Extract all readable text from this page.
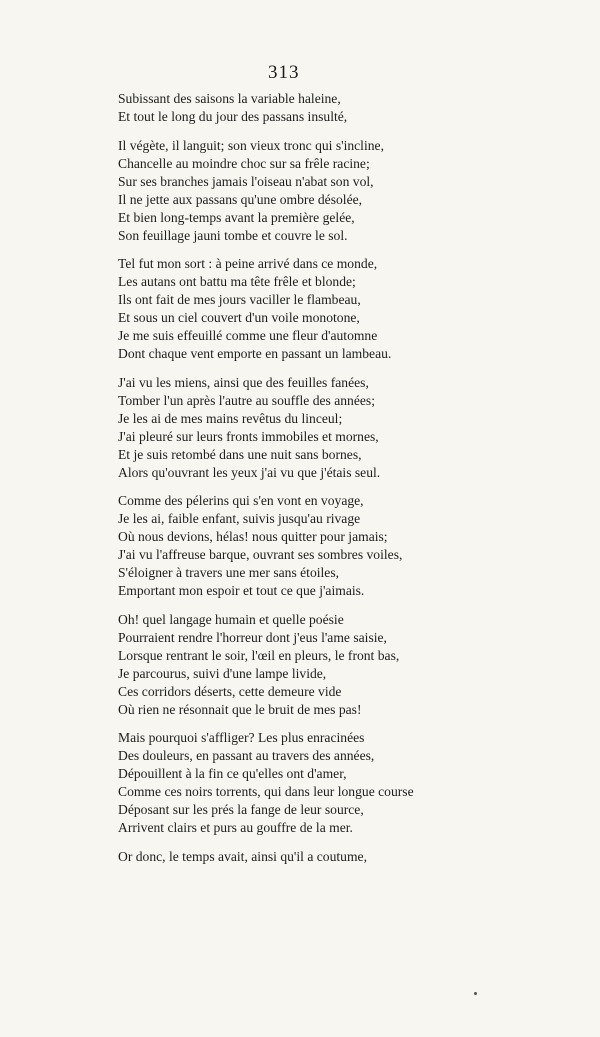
313
Subissant des saisons la variable haleine,
Et tout le long du jour des passans insulté,
Il végète, il languit; son vieux tronc qui s'incline,
Chancelle au moindre choc sur sa frêle racine;
Sur ses branches jamais l'oiseau n'abat son vol,
Il ne jette aux passans qu'une ombre désolée,
Et bien long-temps avant la première gelée,
Son feuillage jauni tombe et couvre le sol.
Tel fut mon sort : à peine arrivé dans ce monde,
Les autans ont battu ma tête frêle et blonde;
Ils ont fait de mes jours vaciller le flambeau,
Et sous un ciel couvert d'un voile monotone,
Je me suis effeuillé comme une fleur d'automne
Dont chaque vent emporte en passant un lambeau.
J'ai vu les miens, ainsi que des feuilles fanées,
Tomber l'un après l'autre au souffle des années;
Je les ai de mes mains revêtus du linceul;
J'ai pleuré sur leurs fronts immobiles et mornes,
Et je suis retombé dans une nuit sans bornes,
Alors qu'ouvrant les yeux j'ai vu que j'étais seul.
Comme des pélerins qui s'en vont en voyage,
Je les ai, faible enfant, suivis jusqu'au rivage
Où nous devions, hélas! nous quitter pour jamais;
J'ai vu l'affreuse barque, ouvrant ses sombres voiles,
S'éloigner à travers une mer sans étoiles,
Emportant mon espoir et tout ce que j'aimais.
Oh! quel langage humain et quelle poésie
Pourraient rendre l'horreur dont j'eus l'ame saisie,
Lorsque rentrant le soir, l'œil en pleurs, le front bas,
Je parcourus, suivi d'une lampe livide,
Ces corridors déserts, cette demeure vide
Où rien ne résonnait que le bruit de mes pas!
Mais pourquoi s'affliger? Les plus enracinées
Des douleurs, en passant au travers des années,
Dépouillent à la fin ce qu'elles ont d'amer,
Comme ces noirs torrents, qui dans leur longue course
Déposant sur les prés la fange de leur source,
Arrivent clairs et purs au gouffre de la mer.
Or donc, le temps avait, ainsi qu'il a coutume,
